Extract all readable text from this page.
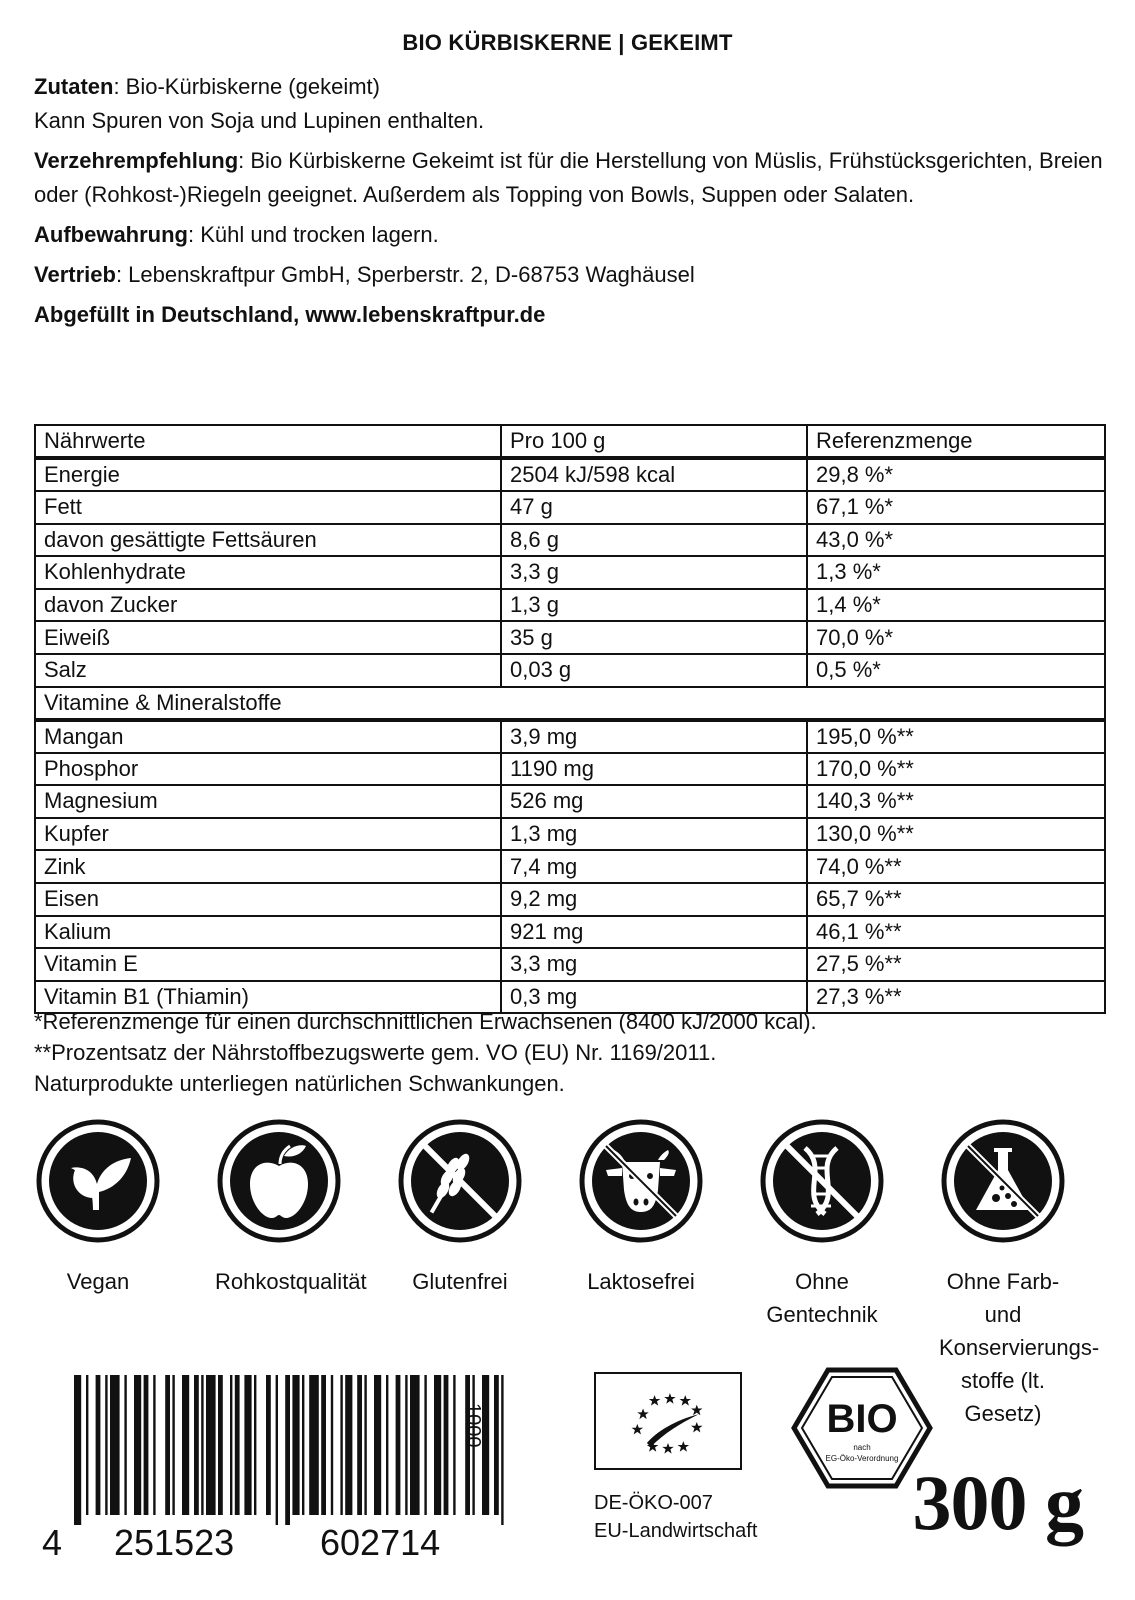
BIO KÜRBISKERNE | GEKEIMT
Zutaten: Bio-Kürbiskerne (gekeimt)
Kann Spuren von Soja und Lupinen enthalten.
Verzehrempfehlung: Bio Kürbiskerne Gekeimt ist für die Herstellung von Müslis, Frühstücksgerichten, Breien oder (Rohkost-)Riegeln geeignet. Außerdem als Topping von Bowls, Suppen oder Salaten.
Aufbewahrung: Kühl und trocken lagern.
Vertrieb: Lebenskraftpur GmbH, Sperberstr. 2, D-68753 Waghäusel
Abgefüllt in Deutschland, www.lebenskraftpur.de
Nährwerte	Pro 100 g	Referenzmenge
Energie	2504 kJ/598 kcal	29,8 %*
Fett	47 g	67,1 %*
davon gesättigte Fettsäuren	8,6 g	43,0 %*
Kohlenhydrate	3,3 g	1,3 %*
davon Zucker	1,3 g	1,4 %*
Eiweiß	35 g	70,0 %*
Salz	0,03 g	0,5 %*
Vitamine & Mineralstoffe		
Mangan	3,9 mg	195,0 %**
Phosphor	1190 mg	170,0 %**
Magnesium	526 mg	140,3 %**
Kupfer	1,3 mg	130,0 %**
Zink	7,4 mg	74,0 %**
Eisen	9,2 mg	65,7 %**
Kalium	921 mg	46,1 %**
Vitamin E	3,3 mg	27,5 %**
Vitamin B1 (Thiamin)	0,3 mg	27,3 %**
*Referenzmenge für einen durchschnittlichen Erwachsenen (8400 kJ/2000 kcal).
**Prozentsatz der Nährstoffbezugswerte gem. VO (EU) Nr. 1169/2011.
Naturprodukte unterliegen natürlichen Schwankungen.
Vegan	Rohkostqualität	Glutenfrei	Laktosefrei	Ohne
Gentechnik
Ohne Farb- und
Konservierungs-
stoffe (lt. Gesetz)
4 251523 602714
1000
DE-ÖKO-007
EU-Landwirtschaft
BIO
nach
EG-Öko-Verordnung
300 g
